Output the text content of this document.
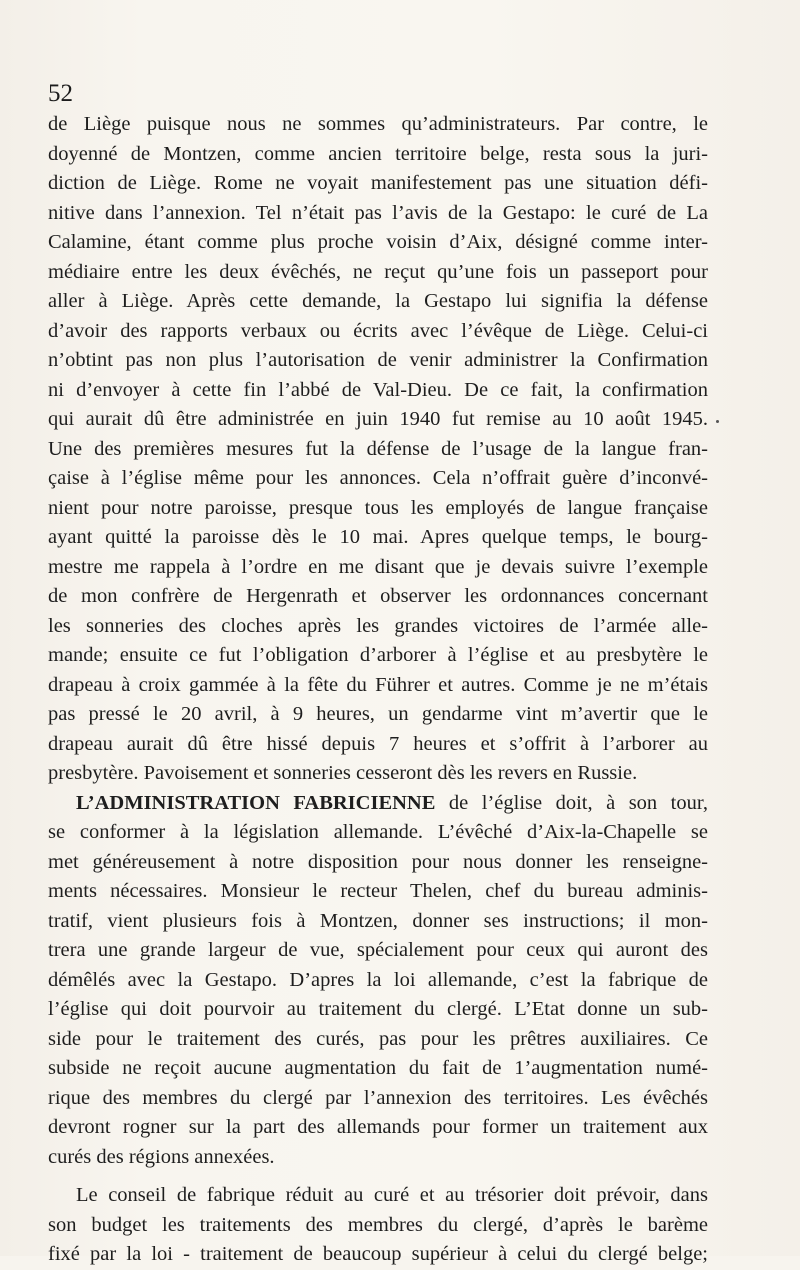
52
de Liège puisque nous ne sommes qu’administrateurs. Par contre, le
doyenné de Montzen, comme ancien territoire belge, resta sous la juri-
diction de Liège. Rome ne voyait manifestement pas une situation défi-
nitive dans l’annexion. Tel n’était pas l’avis de la Gestapo: le curé de La
Calamine, étant comme plus proche voisin d’Aix, désigné comme inter-
médiaire entre les deux évêchés, ne reçut qu’une fois un passeport pour
aller à Liège. Après cette demande, la Gestapo lui signifia la défense
d’avoir des rapports verbaux ou écrits avec l’évêque de Liège. Celui-ci
n’obtint pas non plus l’autorisation de venir administrer la Confirmation
ni d’envoyer à cette fin l’abbé de Val-Dieu. De ce fait, la confirmation
qui aurait dû être administrée en juin 1940 fut remise au 10 août 1945.
Une des premières mesures fut la défense de l’usage de la langue fran-
çaise à l’église même pour les annonces. Cela n’offrait guère d’inconvé-
nient pour notre paroisse, presque tous les employés de langue française
ayant quitté la paroisse dès le 10 mai. Apres quelque temps, le bourg-
mestre me rappela à l’ordre en me disant que je devais suivre l’exemple
de mon confrère de Hergenrath et observer les ordonnances concernant
les sonneries des cloches après les grandes victoires de l’armée alle-
mande; ensuite ce fut l’obligation d’arborer à l’église et au presbytère le
drapeau à croix gammée à la fête du Führer et autres. Comme je ne m’étais
pas pressé le 20 avril, à 9 heures, un gendarme vint m’avertir que le
drapeau aurait dû être hissé depuis 7 heures et s’offrit à l’arborer au
presbytère. Pavoisement et sonneries cesseront dès les revers en Russie.
L’ADMINISTRATION FABRICIENNE de l’église doit, à son tour,
se conformer à la législation allemande. L’évêché d’Aix-la-Chapelle se
met généreusement à notre disposition pour nous donner les renseigne-
ments nécessaires. Monsieur le recteur Thelen, chef du bureau adminis-
tratif, vient plusieurs fois à Montzen, donner ses instructions; il mon-
trera une grande largeur de vue, spécialement pour ceux qui auront des
démêlés avec la Gestapo. D’apres la loi allemande, c’est la fabrique de
l’église qui doit pourvoir au traitement du clergé. L’Etat donne un sub-
side pour le traitement des curés, pas pour les prêtres auxiliaires. Ce
subside ne reçoit aucune augmentation du fait de 1’augmentation numé-
rique des membres du clergé par l’annexion des territoires. Les évêchés
devront rogner sur la part des allemands pour former un traitement aux
curés des régions annexées.
Le conseil de fabrique réduit au curé et au trésorier doit prévoir, dans
son budget les traitements des membres du clergé, d’après le barème
fixé par la loi - traitement de beaucoup supérieur à celui du clergé belge;
